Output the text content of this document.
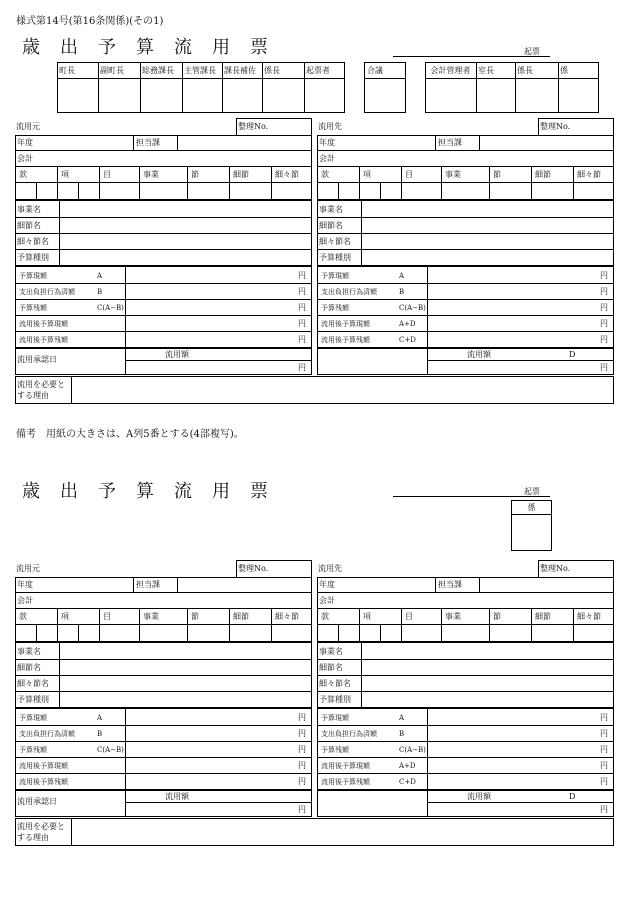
様式第14号(第16条関係)(その1)
歳出予算流用票	起票
町長	副町長	総務課長	主管課長	課長補佐	係長	起票者	合議	会計管理者 室長	係長	係
備考　用紙の大きさは、A列5番とする(4部複写)。
歳出予算流用票	起票
係
流用元	整理No.
年度	担当課
会計
款	項	目	事業	節	細節	細々節
事業名
細節名
細々節名
予算種別
予算現額	A	円
支出負担行為済額	B	円
予算残額	C(A−B)	円
流用後予算現額	円
流用後予算残額	円
流用承認日
流用額
円
流用先	整理No.
年度	担当課
会計
款	項	目	事業	節	細節	細々節
事業名
細節名
細々節名
予算種別
予算現額	A	円
支出負担行為済額	B	円
予算残額	C(A−B)	円
流用後予算現額	A+D	円
流用後予算残額	C+D	円
流用額	D
円
流用を必要とする理由
流用元	整理No.
年度	担当課
会計
款	項	目	事業	節	細節	細々節
事業名
細節名
細々節名
予算種別
予算現額	A	円
支出負担行為済額	B	円
予算残額	C(A−B)	円
流用後予算現額	円
流用後予算残額	円
流用承認日
流用額
円
流用先	整理No.
年度	担当課
会計
款	項	目	事業	節	細節	細々節
事業名
細節名
細々節名
予算種別
予算現額	A	円
支出負担行為済額	B	円
予算残額	C(A−B)	円
流用後予算現額	A+D	円
流用後予算残額	C+D	円
流用額	D
円
流用を必要とする理由
